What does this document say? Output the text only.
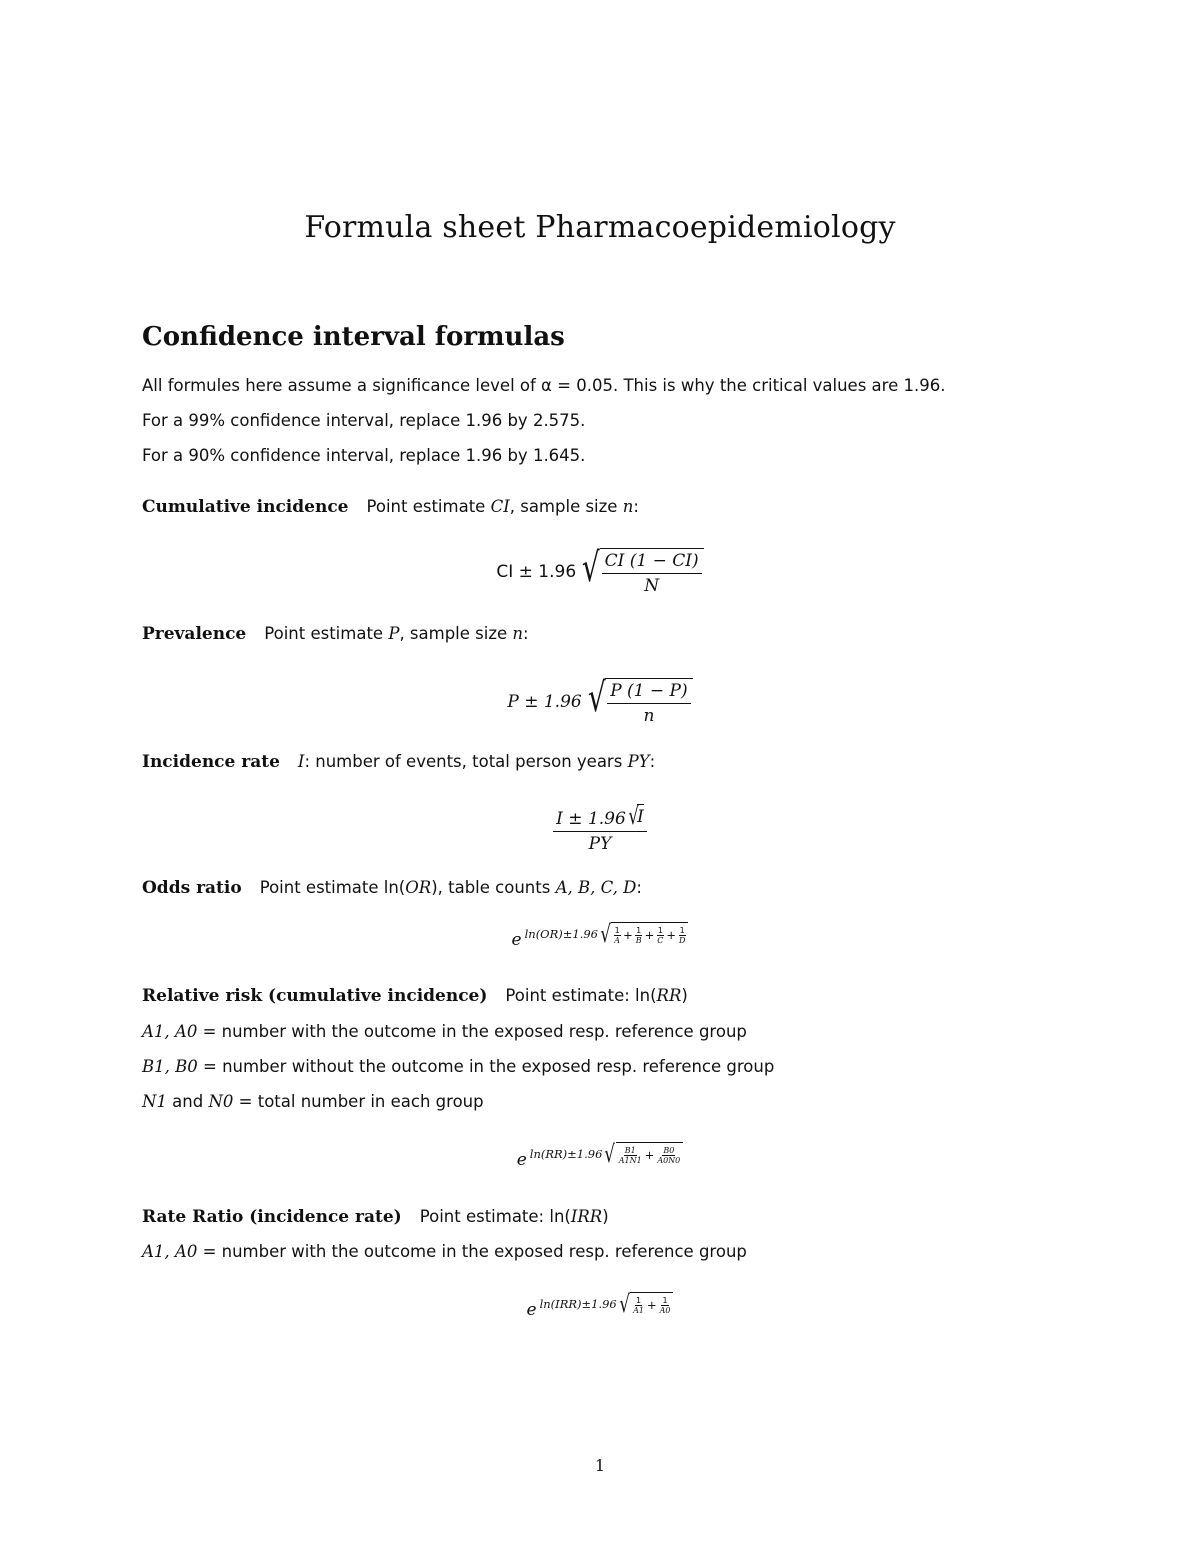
Formula sheet Pharmacoepidemiology
Confidence interval formulas
All formules here assume a significance level of α = 0.05. This is why the critical values are 1.96.
For a 99% confidence interval, replace 1.96 by 2.575.
For a 90% confidence interval, replace 1.96 by 1.645.
Cumulative incidence Point estimate CI, sample size n:
CI ± 1.96 √ $\frac{CI (1 - CI)}{N}$
Prevalence Point estimate P, sample size n:
P ± 1.96 √ $\frac{P (1 - P)}{n}$
Incidence rate I: number of events, total person years PY:
I ± 1.96 √
I
PY
Odds ratio Point estimate ln(OR), table counts A, B, C, D:
e ln(OR)±1.96 √ $\frac{1}{A} + \frac{1}{B} + \frac{1}{C} + \frac{1}{D}$
Relative risk (cumulative incidence) Point estimate: ln(RR)
A1, A0 = number with the outcome in the exposed resp. reference group
B1, B0 = number without the outcome in the exposed resp. reference group
N1 and N0 = total number in each group
e ln(RR)±1.96 √ $\frac{B1}{A1N1} + \frac{B0}{A0N0}$
Rate Ratio (incidence rate) Point estimate: ln(IRR)
A1, A0 = number with the outcome in the exposed resp. reference group
e ln(IRR)±1.96 √ $\frac{1}{A1} + \frac{1}{A0}$
1
